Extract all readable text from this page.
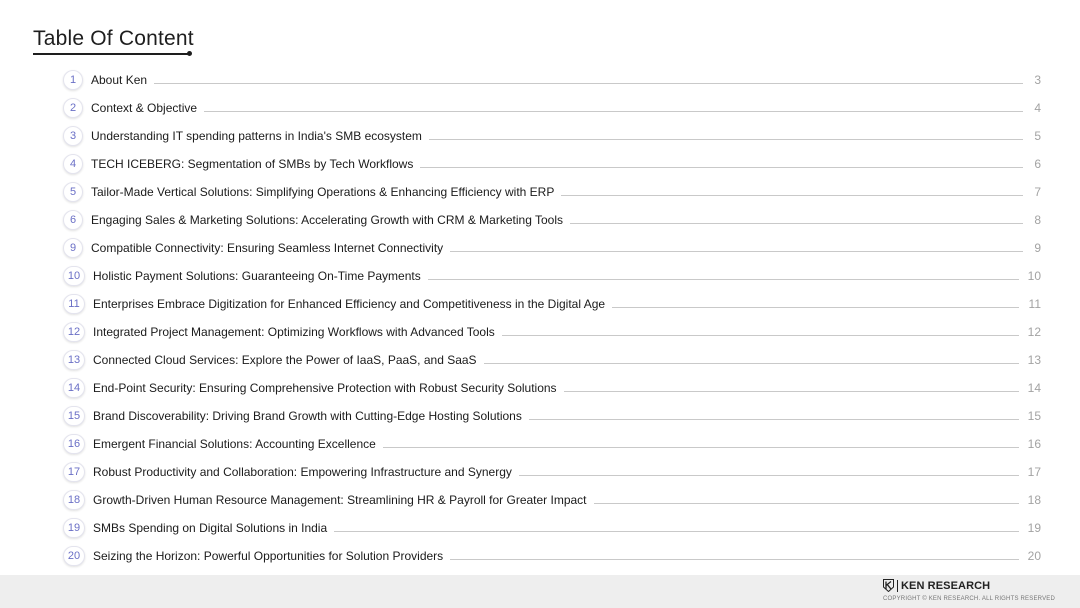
Table Of Content
1	About Ken	3
2	Context & Objective	4
3	Understanding IT spending patterns in India's SMB ecosystem	5
4	TECH ICEBERG: Segmentation of SMBs by Tech Workflows	6
5	Tailor-Made Vertical Solutions: Simplifying Operations & Enhancing Efficiency with ERP	7
6	Engaging Sales & Marketing Solutions: Accelerating Growth with CRM & Marketing Tools	8
9	Compatible Connectivity: Ensuring Seamless Internet Connectivity	9
10	Holistic Payment Solutions: Guaranteeing On-Time Payments	10
11	Enterprises Embrace Digitization for Enhanced Efficiency and Competitiveness in the Digital Age	11
12	Integrated Project Management: Optimizing Workflows with Advanced Tools	12
13	Connected Cloud Services: Explore the Power of IaaS, PaaS, and SaaS	13
14	End-Point Security: Ensuring Comprehensive Protection with Robust Security Solutions	14
15	Brand Discoverability: Driving Brand Growth with Cutting-Edge Hosting Solutions	15
16	Emergent Financial Solutions: Accounting Excellence	16
17	Robust Productivity and Collaboration: Empowering Infrastructure and Synergy	17
18	Growth-Driven Human Resource Management: Streamlining HR & Payroll for Greater Impact	18
19	SMBs Spending on Digital Solutions in India	19
20	Seizing the Horizon: Powerful Opportunities for Solution Providers	20
KEN RESEARCH
COPYRIGHT © KEN RESEARCH. ALL RIGHTS RESERVED
